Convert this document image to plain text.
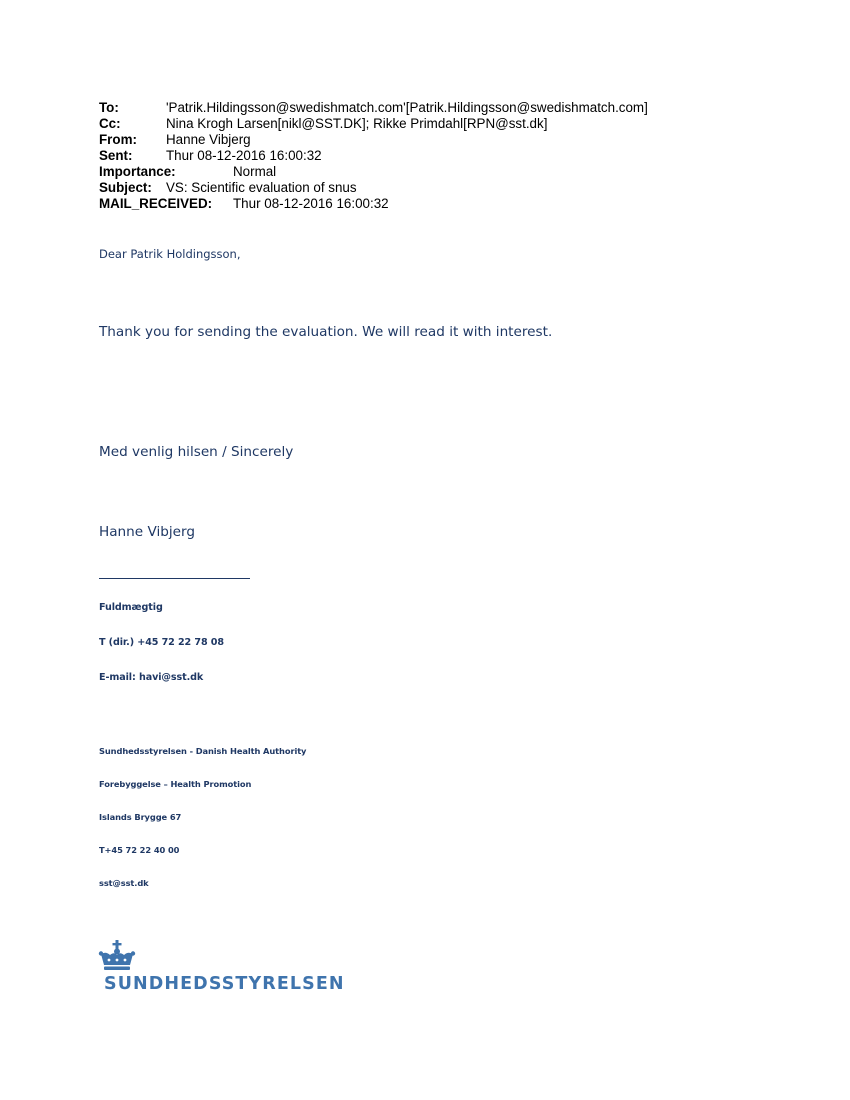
To:	'Patrik.Hildingsson@swedishmatch.com'[Patrik.Hildingsson@swedishmatch.com]
Cc:	Nina Krogh Larsen[nikl@SST.DK]; Rikke Primdahl[RPN@sst.dk]
From: Hanne Vibjerg
Sent:	Thur 08-12-2016 16:00:32
Importance:	Normal
Subject: VS: Scientific evaluation of snus
MAIL_RECEIVED: Thur 08-12-2016 16:00:32
Dear Patrik Holdingsson,
Thank you for sending the evaluation. We will read it with interest.
Med venlig hilsen / Sincerely
Hanne Vibjerg
Fuldmægtig
T (dir.) +45 72 22 78 08
E-mail: havi@sst.dk
Sundhedsstyrelsen - Danish Health Authority
Forebyggelse – Health Promotion
Islands Brygge 67
T+45 72 22 40 00
sst@sst.dk
SUNDHEDSSTYRELSEN
